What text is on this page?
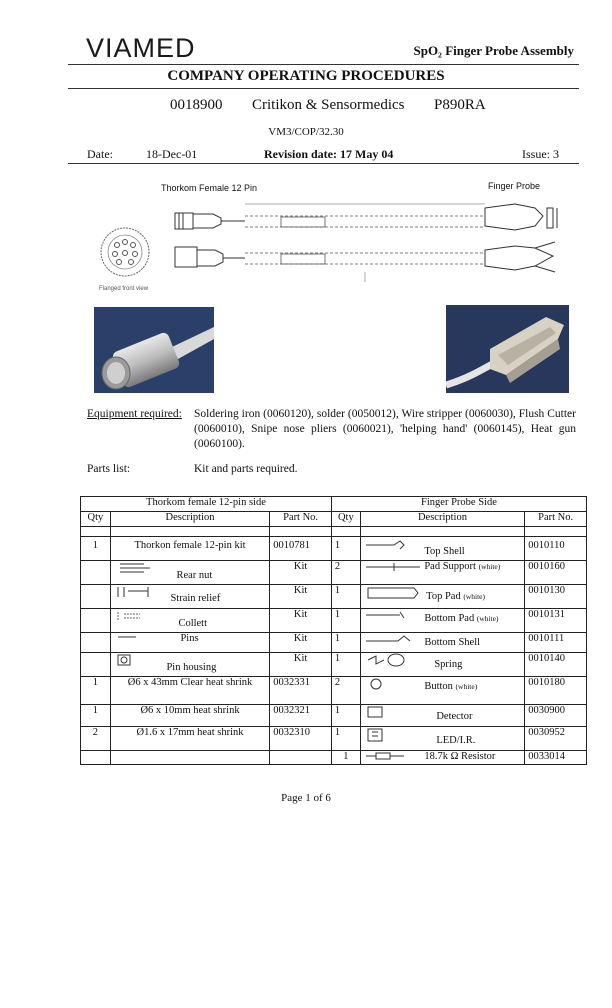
VIAMED	SpO₂ Finger Probe Assembly
COMPANY OPERATING PROCEDURES
0018900 Critikon & Sensormedics P890RA
VM3/COP/32.30
Date:	18-Dec-01	Revision date: 17 May 04	Issue: 3
Thorkom Female 12 Pin	Finger Probe
Flanged front view
Equipment required: Soldering iron (0060120), solder (0050012), Wire stripper (0060030), Flush Cutter (0060010), Snipe nose pliers (0060021), 'helping hand' (0060145), Heat gun (0060100).
Parts list:	Kit and parts required.
Thorkom female 12-pin side			Finger Probe Side		
Qty	Description	Part No.	Qty	Description	Part No.

1	Thorkon female 12-pin kit	0010781	1	Top Shell	0010110
	Rear nut	Kit	2	Pad Support (white)	0010160
	Strain relief	Kit	1	Top Pad $_{(white)}$	0010130
	Collett	Kit	1	Bottom Pad $_{(white)}$	0010131
	Pins	Kit	1	Bottom Shell	0010111
	Pin housing	Kit	1	Spring	0010140
1	Ø6 x 43mm Clear heat shrink	0032331	2	Button $_{(white)}$	0010180
1	Ø6 x 10mm heat shrink	0032321	1	Detector	0030900
2	Ø1.6 x 17mm heat shrink	0032310	1	LED/I.R.	0030952
			1	18.7k Ω Resistor	0033014
Page 1 of 6
